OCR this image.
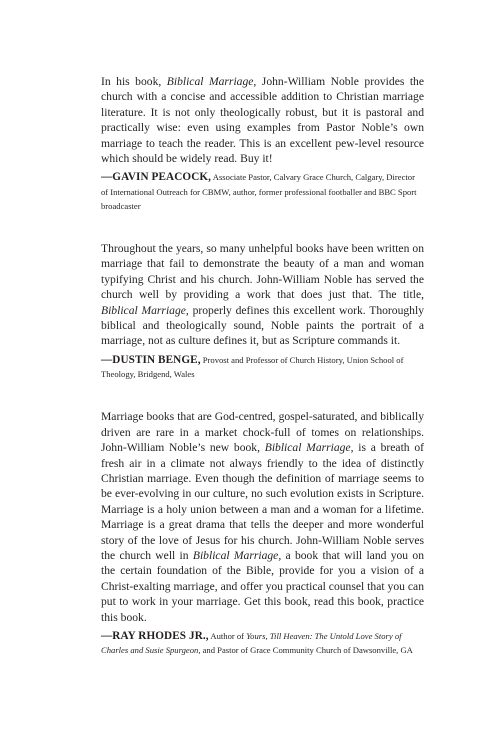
In his book, Biblical Marriage, John-William Noble provides the church with a concise and accessible addition to Christian marriage literature. It is not only theologically robust, but it is pastoral and practically wise: even using examples from Pastor Noble’s own marriage to teach the reader. This is an excellent pew-level resource which should be widely read. Buy it!

—GAVIN PEACOCK, Associate Pastor, Calvary Grace Church, Calgary, Director of International Outreach for CBMW, author, former professional footballer and BBC Sport broadcaster

Throughout the years, so many unhelpful books have been written on marriage that fail to demonstrate the beauty of a man and woman typifying Christ and his church. John-William Noble has served the church well by providing a work that does just that. The title, Biblical Marriage, properly defines this excellent work. Thoroughly biblical and theologically sound, Noble paints the portrait of a marriage, not as culture defines it, but as Scripture commands it.

—DUSTIN BENGE, Provost and Professor of Church History, Union School of Theology, Bridgend, Wales

Marriage books that are God-centred, gospel-saturated, and biblically driven are rare in a market chock-full of tomes on relationships. John-William Noble’s new book, Biblical Marriage, is a breath of fresh air in a climate not always friendly to the idea of distinctly Christian marriage. Even though the definition of marriage seems to be ever-evolving in our culture, no such evolution exists in Scripture. Marriage is a holy union between a man and a woman for a lifetime. Marriage is a great drama that tells the deeper and more wonderful story of the love of Jesus for his church. John-William Noble serves the church well in Biblical Marriage, a book that will land you on the certain foundation of the Bible, provide for you a vision of a Christ-exalting marriage, and offer you practical counsel that you can put to work in your marriage. Get this book, read this book, practice this book.

—RAY RHODES JR., Author of Yours, Till Heaven: The Untold Love Story of Charles and Susie Spurgeon, and Pastor of Grace Community Church of Dawsonville, GA
